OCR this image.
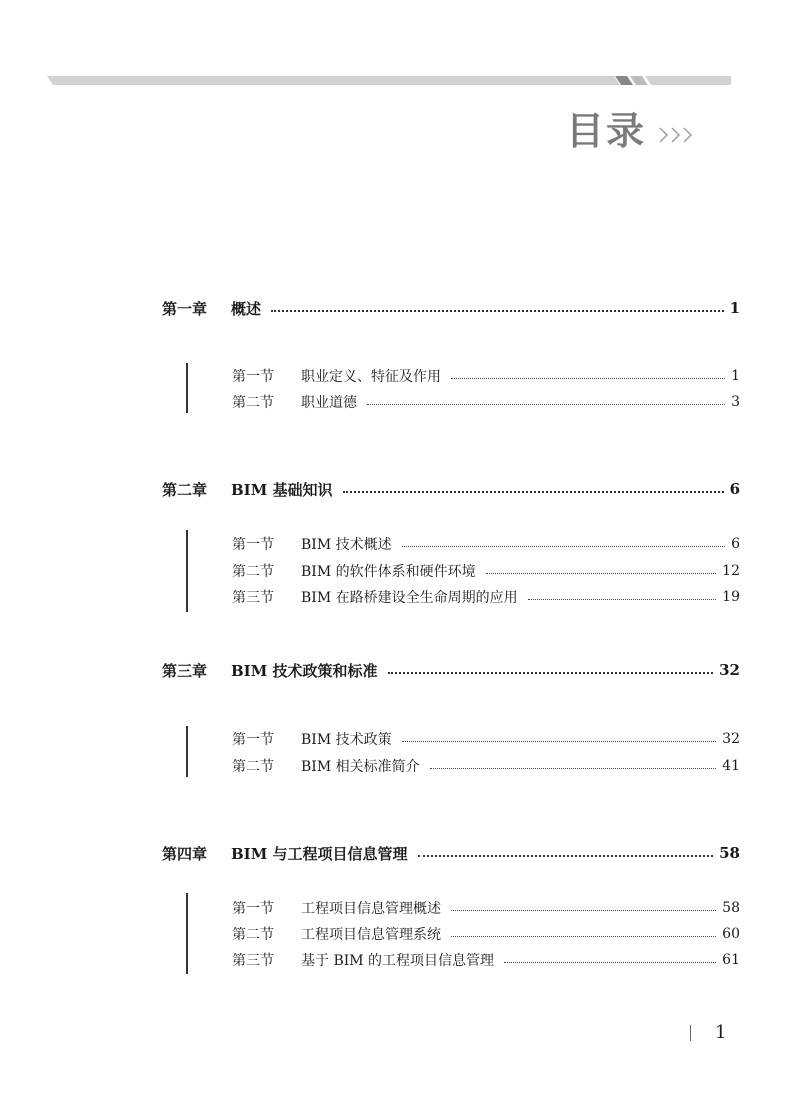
目录
第一章	概述	1
第一节	职业定义、特征及作用	1
第二节	职业道德	3
第二章	BIM 基础知识	6
第一节	BIM 技术概述	6
第二节	BIM 的软件体系和硬件环境	12
第三节	BIM 在路桥建设全生命周期的应用	19
第三章	BIM 技术政策和标准	32
第一节	BIM 技术政策	32
第二节	BIM 相关标准简介	41
第四章	BIM 与工程项目信息管理	58
第一节	工程项目信息管理概述	58
第二节	工程项目信息管理系统	60
第三节	基于 BIM 的工程项目信息管理	61
1
